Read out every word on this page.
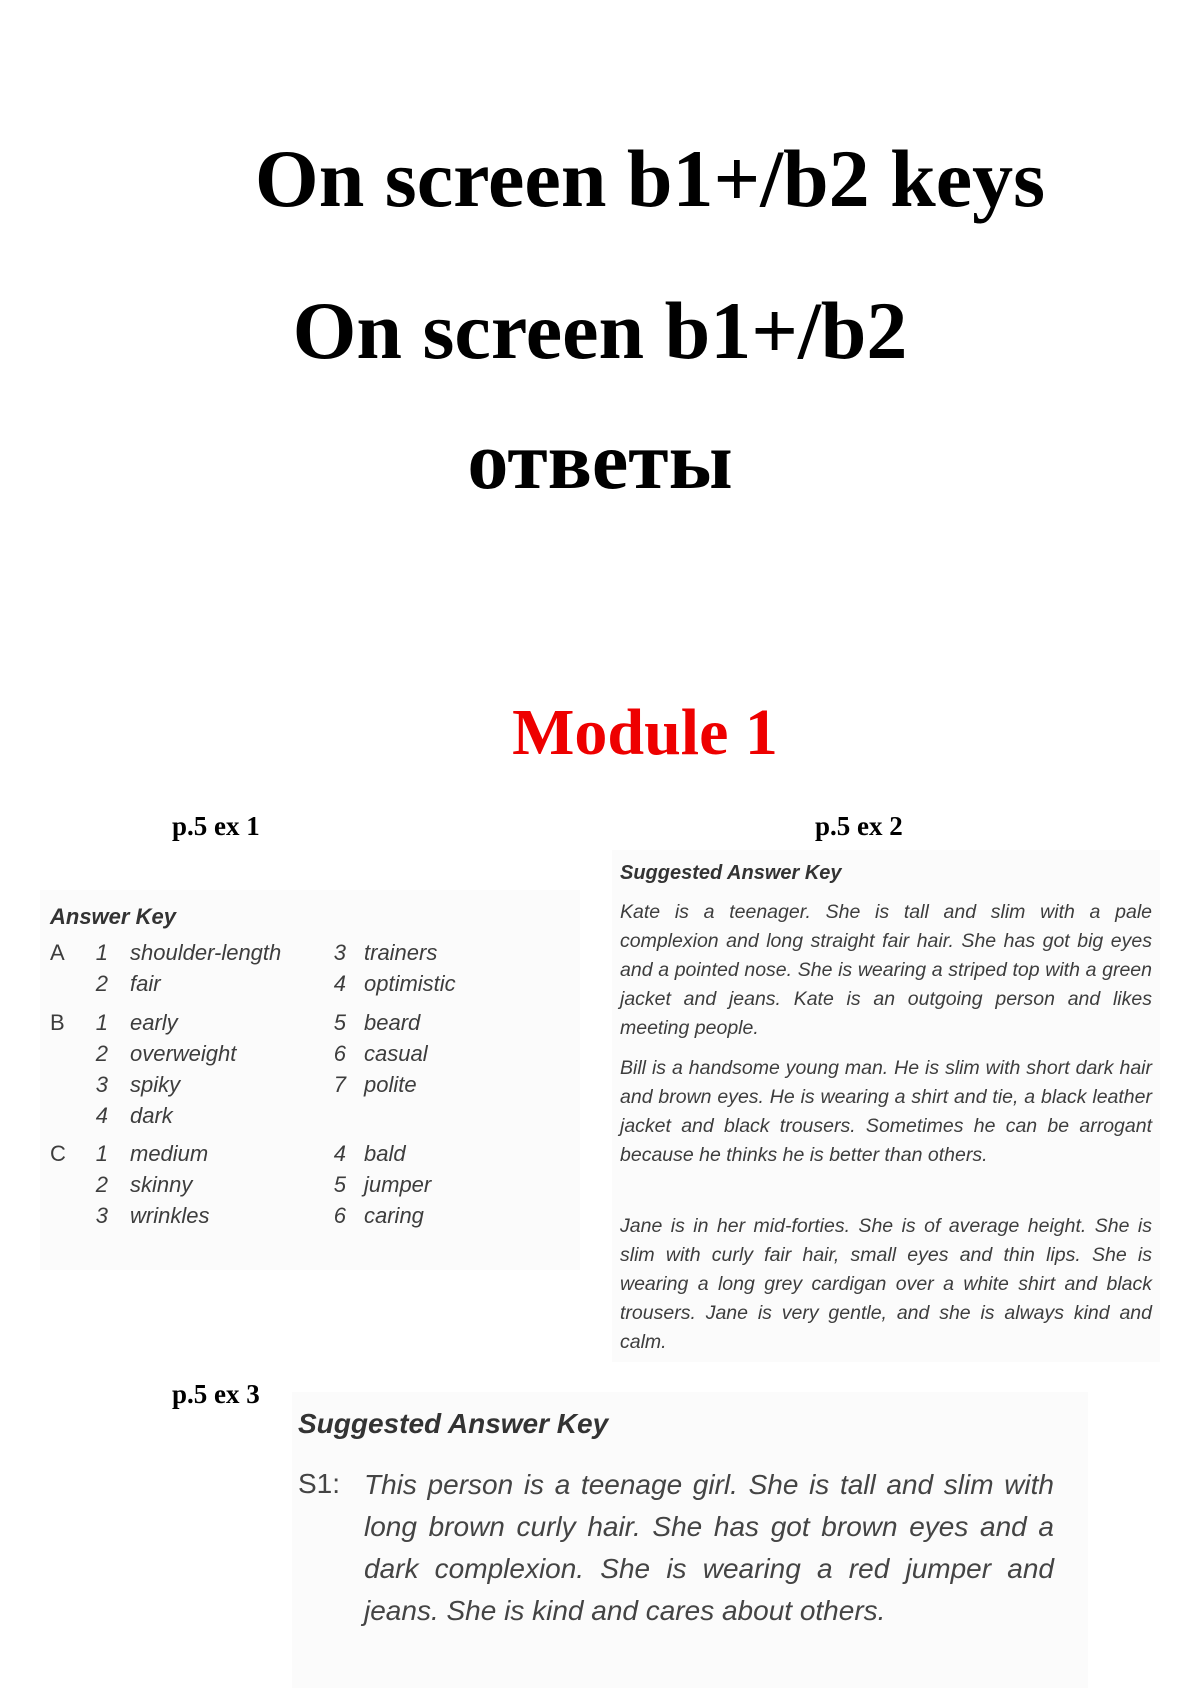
On screen b1+/b2 keys
On screen b1+/b2
ответы
Module 1
p.5 ex 1	p.5 ex 2
p.5 ex 3
Answer Key
A 1 shoulder-length
2 fair
3 trainers
4 optimistic
B 1 early
2 overweight
3 spiky
4 dark
5 beard
6 casual
7 polite
C 1 medium
2 skinny
3 wrinkles
4 bald
5 jumper
6 caring
Suggested Answer Key

Kate is a teenager. She is tall and slim with a pale complexion and long straight fair hair. She has got big eyes and a pointed nose. She is wearing a striped top with a green jacket and jeans. Kate is an outgoing person and likes meeting people.

Bill is a handsome young man. He is slim with short dark hair and brown eyes. He is wearing a shirt and tie, a black leather jacket and black trousers. Sometimes he can be arrogant because he thinks he is better than others.

Jane is in her mid-forties. She is of average height. She is slim with curly fair hair, small eyes and thin lips. She is wearing a long grey cardigan over a white shirt and black trousers. Jane is very gentle, and she is always kind and calm.

Suggested Answer Key
S1: This person is a teenage girl. She is tall and slim with long brown curly hair. She has got brown eyes and a dark complexion. She is wearing a red jumper and jeans. She is kind and cares about others.
